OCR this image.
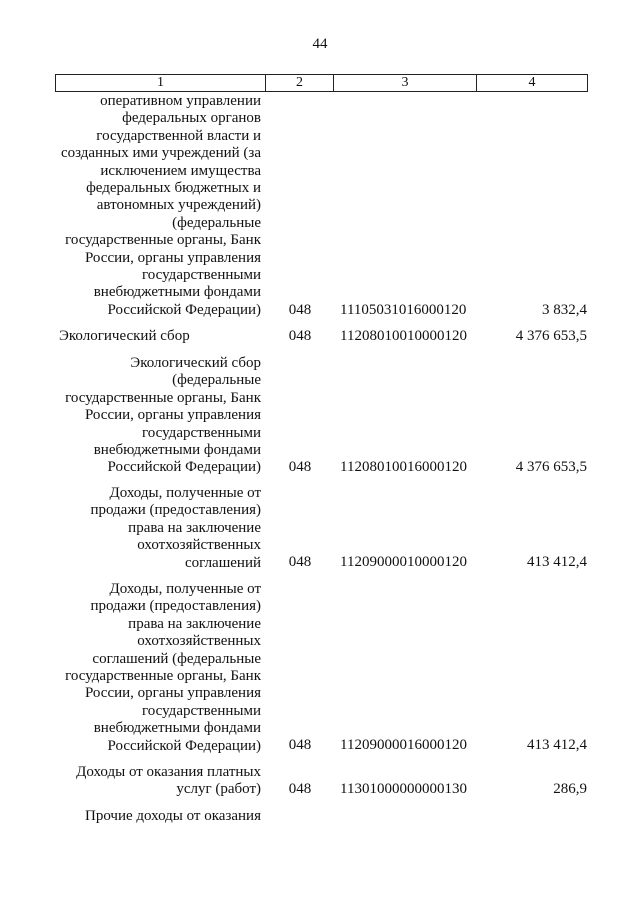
44
1	2	3	4
оперативном управлении
федеральных органов
государственной власти и
созданных ими учреждений (за
исключением имущества
федеральных бюджетных и
автономных учреждений)
(федеральные
государственные органы, Банк
России, органы управления
государственными
внебюджетными фондами
Российской Федерации)	048	11105031016000120	3 832,4
Экологический сбор	048	11208010010000120	4 376 653,5
Экологический сбор
(федеральные
государственные органы, Банк
России, органы управления
государственными
внебюджетными фондами
Российской Федерации)	048	11208010016000120	4 376 653,5
Доходы, полученные от
продажи (предоставления)
права на заключение
охотхозяйственных
соглашений	048	11209000010000120	413 412,4
Доходы, полученные от
продажи (предоставления)
права на заключение
охотхозяйственных
соглашений (федеральные
государственные органы, Банк
России, органы управления
государственными
внебюджетными фондами
Российской Федерации)	048	11209000016000120	413 412,4
Доходы от оказания платных
услуг (работ)	048	11301000000000130	286,9
Прочие доходы от оказания
